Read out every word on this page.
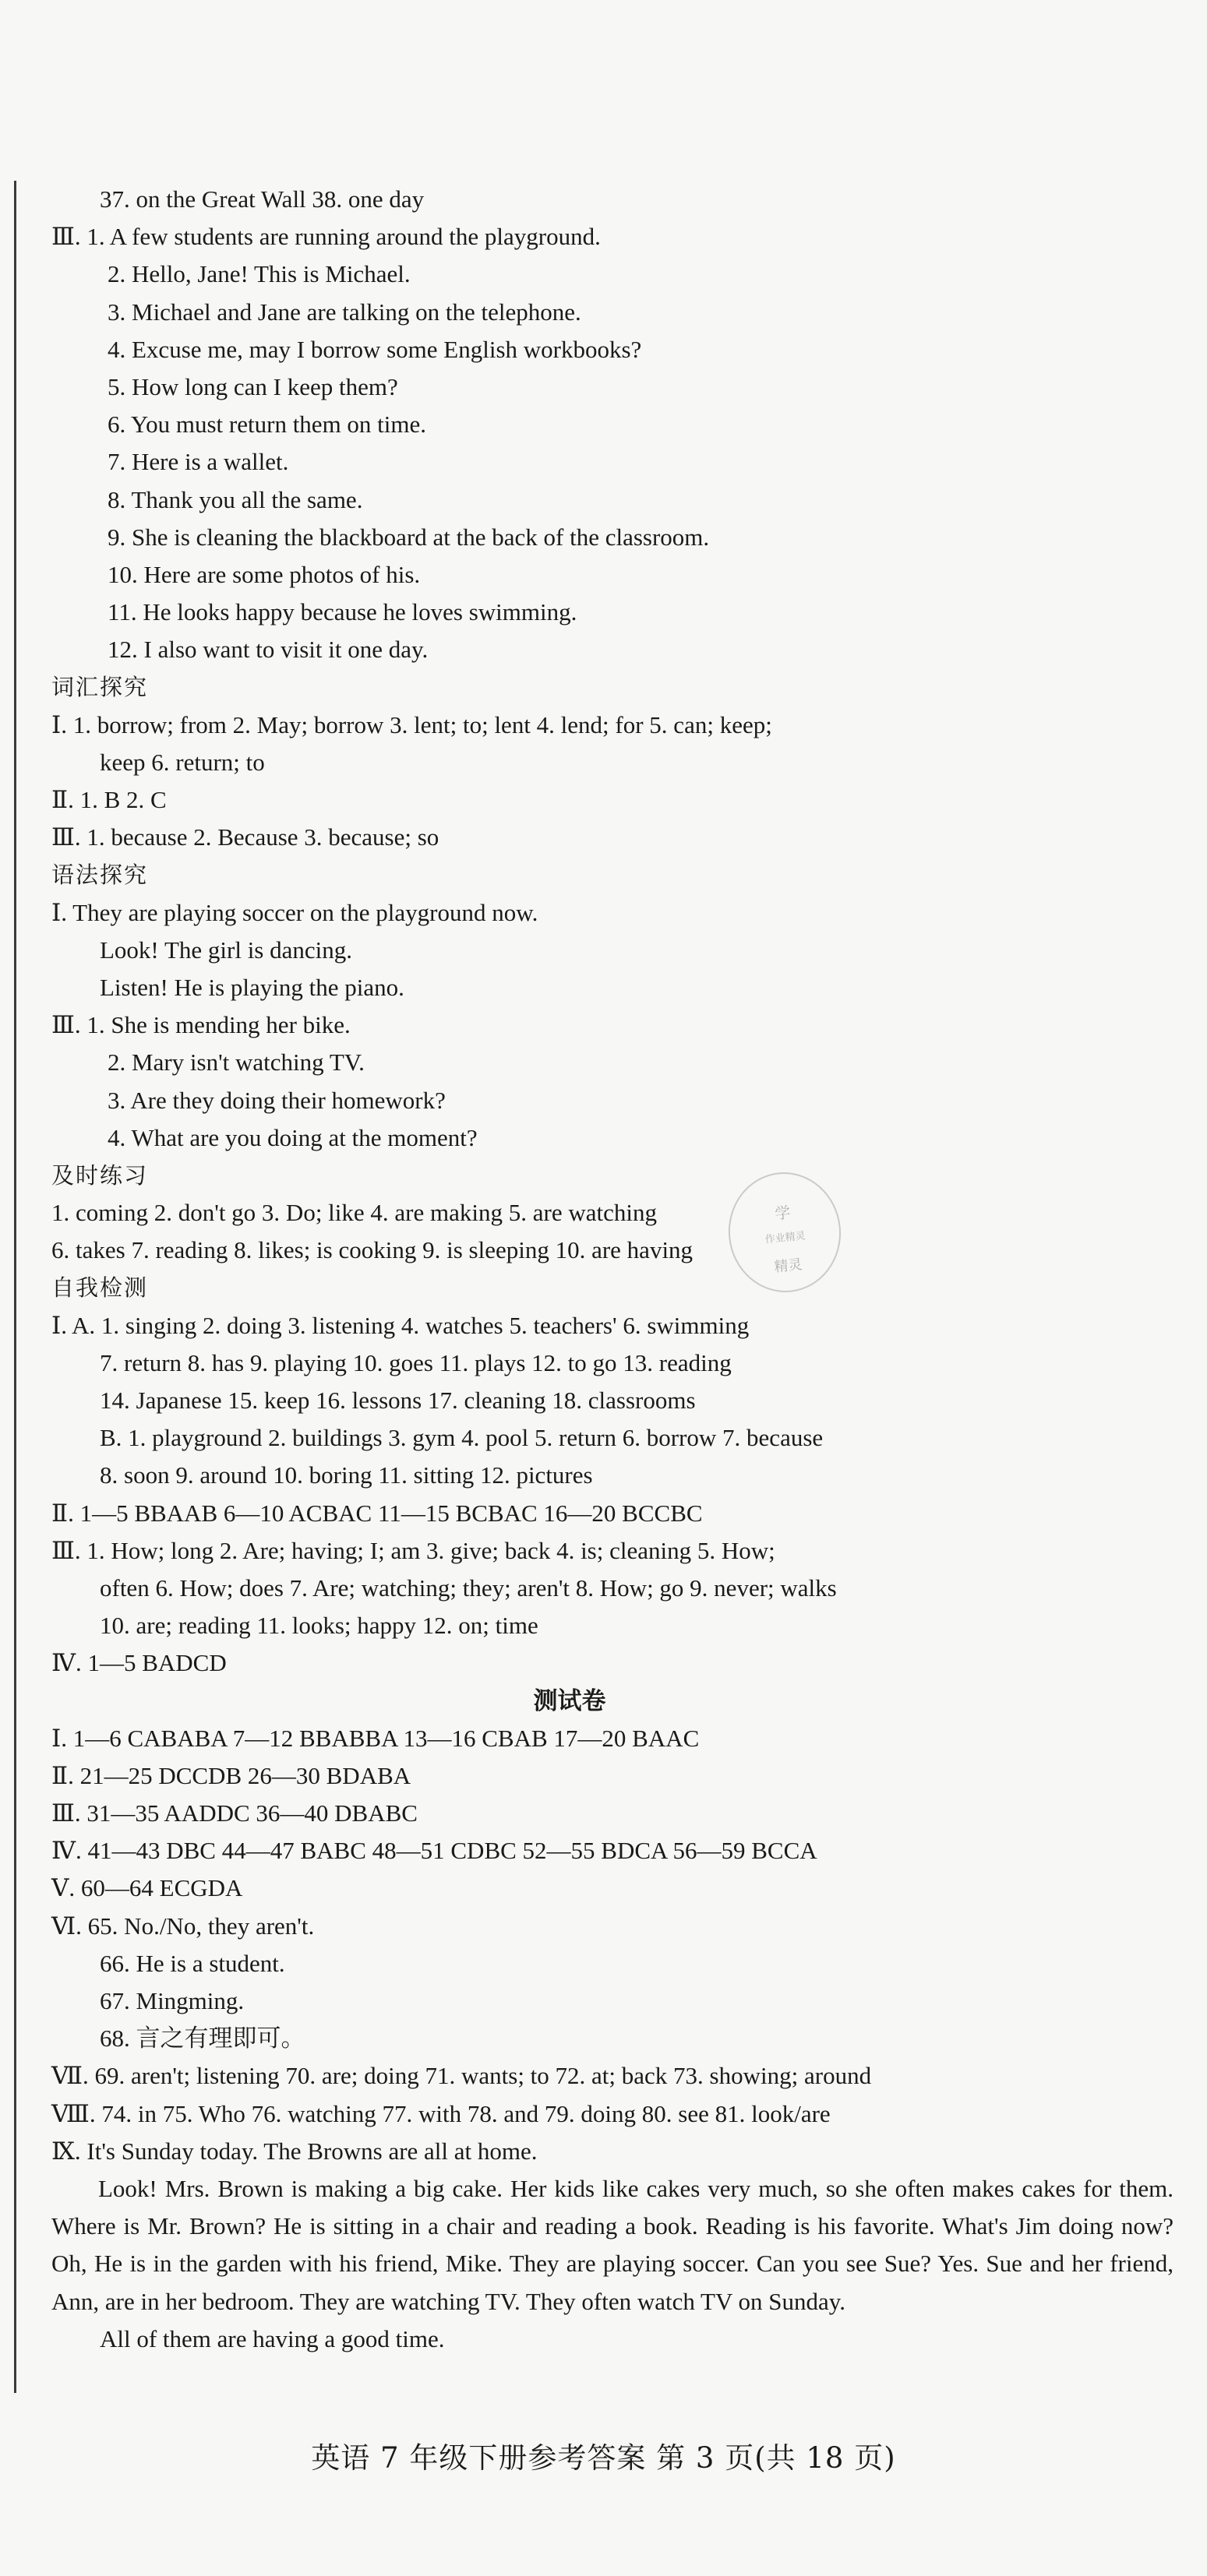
37. on the Great Wall 38. one day
Ⅲ. 1. A few students are running around the playground.
2. Hello, Jane! This is Michael.
3. Michael and Jane are talking on the telephone.
4. Excuse me, may I borrow some English workbooks?
5. How long can I keep them?
6. You must return them on time.
7. Here is a wallet.
8. Thank you all the same.
9. She is cleaning the blackboard at the back of the classroom.
10. Here are some photos of his.
11. He looks happy because he loves swimming.
12. I also want to visit it one day.
词汇探究
Ⅰ. 1. borrow; from 2. May; borrow 3. lent; to; lent 4. lend; for 5. can; keep;
keep 6. return; to
Ⅱ. 1. B 2. C
Ⅲ. 1. because 2. Because 3. because; so
语法探究
Ⅰ. They are playing soccer on the playground now.
Look! The girl is dancing.
Listen! He is playing the piano.
Ⅲ. 1. She is mending her bike.
2. Mary isn't watching TV.
3. Are they doing their homework?
4. What are you doing at the moment?
及时练习
1. coming 2. don't go 3. Do; like 4. are making 5. are watching
6. takes 7. reading 8. likes; is cooking 9. is sleeping 10. are having
自我检测
Ⅰ. A. 1. singing 2. doing 3. listening 4. watches 5. teachers' 6. swimming
7. return 8. has 9. playing 10. goes 11. plays 12. to go 13. reading
14. Japanese 15. keep 16. lessons 17. cleaning 18. classrooms
B. 1. playground 2. buildings 3. gym 4. pool 5. return 6. borrow 7. because
8. soon 9. around 10. boring 11. sitting 12. pictures
Ⅱ. 1—5 BBAAB 6—10 ACBAC 11—15 BCBAC 16—20 BCCBC
Ⅲ. 1. How; long 2. Are; having; I; am 3. give; back 4. is; cleaning 5. How;
often 6. How; does 7. Are; watching; they; aren't 8. How; go 9. never; walks
10. are; reading 11. looks; happy 12. on; time
Ⅳ. 1—5 BADCD
测试卷
Ⅰ. 1—6 CABABA 7—12 BBABBA 13—16 CBAB 17—20 BAAC
Ⅱ. 21—25 DCCDB 26—30 BDABA
Ⅲ. 31—35 AADDC 36—40 DBABC
Ⅳ. 41—43 DBC 44—47 BABC 48—51 CDBC 52—55 BDCA 56—59 BCCA
Ⅴ. 60—64 ECGDA
Ⅵ. 65. No./No, they aren't.
66. He is a student.
67. Mingming.
68. 言之有理即可。
Ⅶ. 69. aren't; listening 70. are; doing 71. wants; to 72. at; back 73. showing; around
Ⅷ. 74. in 75. Who 76. watching 77. with 78. and 79. doing 80. see 81. look/are
Ⅸ. It's Sunday today. The Browns are all at home.
Look! Mrs. Brown is making a big cake. Her kids like cakes very much, so she often makes cakes for them. Where is Mr. Brown? He is sitting in a chair and reading a book. Reading is his favorite. What's Jim doing now? Oh, He is in the garden with his friend, Mike. They are playing soccer. Can you see Sue? Yes. Sue and her friend, Ann, are in her bedroom. They are watching TV. They often watch TV on Sunday.
All of them are having a good time.
学
作业精灵
精灵
英语 7 年级下册参考答案 第 3 页(共 18 页)
